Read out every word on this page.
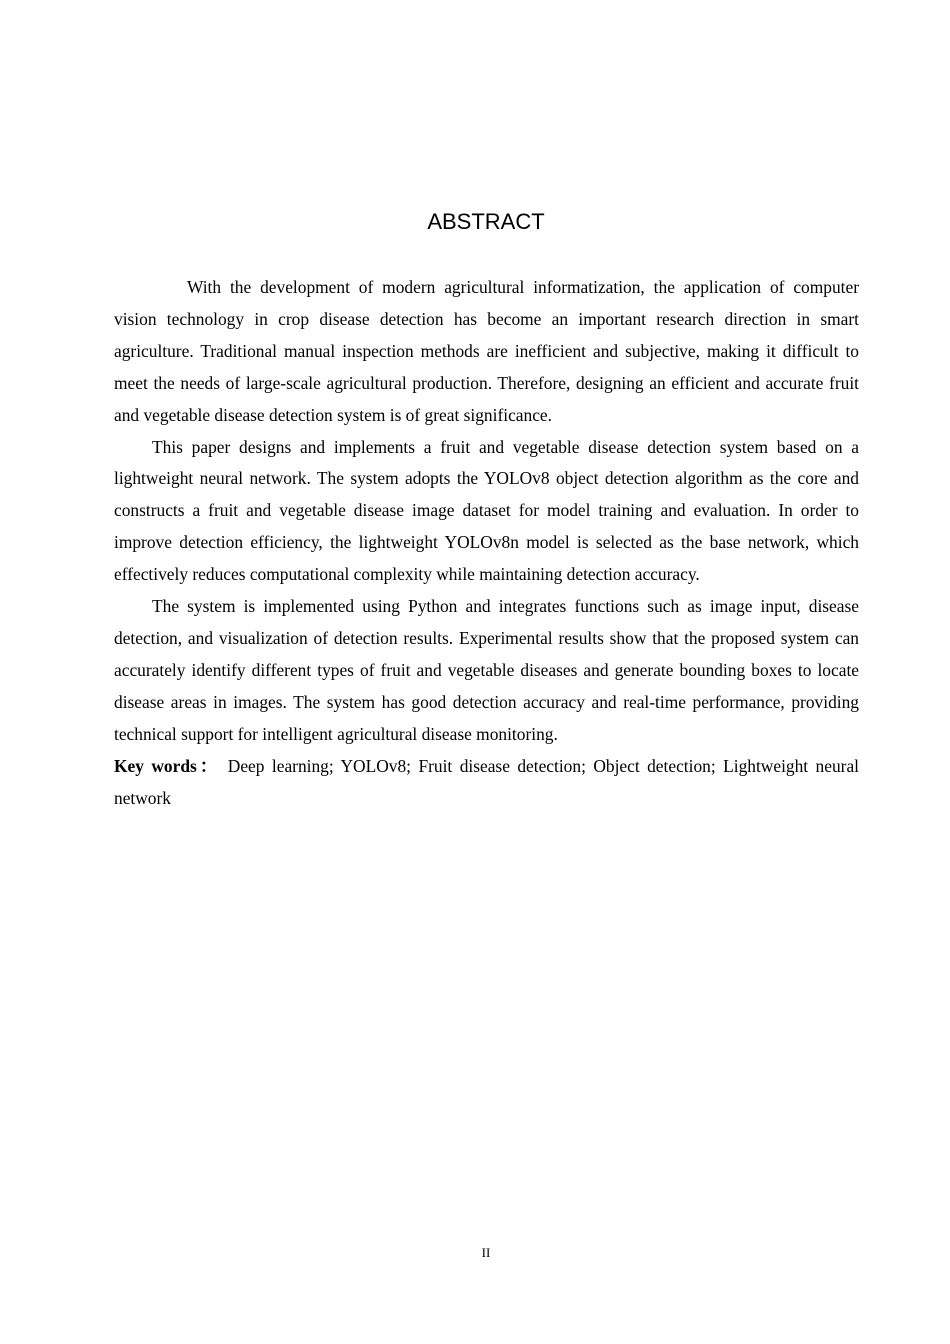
ABSTRACT

With the development of modern agricultural informatization, the application of computer vision technology in crop disease detection has become an important research direction in smart agriculture. Traditional manual inspection methods are inefficient and subjective, making it difficult to meet the needs of large-scale agricultural production. Therefore, designing an efficient and accurate fruit and vegetable disease detection system is of great significance.

This paper designs and implements a fruit and vegetable disease detection system based on a lightweight neural network. The system adopts the YOLOv8 object detection algorithm as the core and constructs a fruit and vegetable disease image dataset for model training and evaluation. In order to improve detection efficiency, the lightweight YOLOv8n model is selected as the base network, which effectively reduces computational complexity while maintaining detection accuracy.

The system is implemented using Python and integrates functions such as image input, disease detection, and visualization of detection results. Experimental results show that the proposed system can accurately identify different types of fruit and vegetable diseases and generate bounding boxes to locate disease areas in images. The system has good detection accuracy and real-time performance, providing technical support for intelligent agricultural disease monitoring.

Key words： Deep learning; YOLOv8; Fruit disease detection; Object detection; Lightweight neural network

II
